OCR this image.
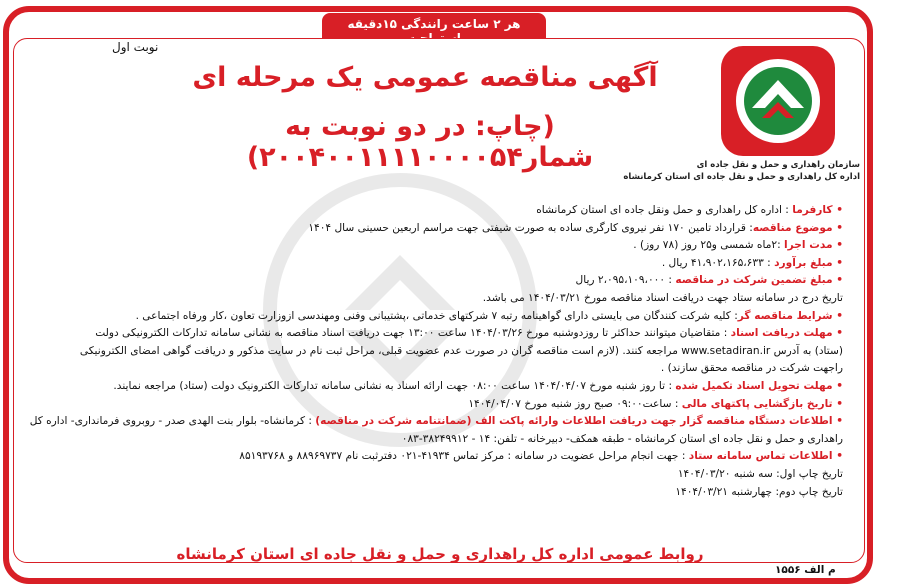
هر ۲ ساعت رانندگی ۱۵دقیقه استراحت
نوبت اول
آگهی مناقصه عمومی یک مرحله ای
(چاپ: در دو نوبت به شمار۲۰۰۴۰۰۱۱۱۱۰۰۰۰۵۴)	سازمان راهداری و حمل و نقل جاده ای
اداره کل راهداری و حمل و نقل جاده ای استان کرمانشاه
• کارفرما : اداره کل راهداری و حمل ونقل جاده ای استان کرمانشاه
• موضوع مناقصه: قرارداد تامین ۱۷۰ نفر نیروی کارگری ساده به صورت شیفتی جهت مراسم اربعین حسینی سال ۱۴۰۴
• مدت اجرا :۲ماه شمسی و۲۵ روز (۷۸ روز) .
• مبلغ برآورد : ۴۱،۹۰۲،۱۶۵،۶۳۳ ریال .
• مبلغ تضمین شرکت در مناقصه : ۲،۰۹۵،۱۰۹،۰۰۰ ریال
تاریخ درج در سامانه ستاد جهت دریافت اسناد مناقصه مورخ ۱۴۰۴/۰۳/۲۱ می باشد.
• شرایط مناقصه گر: کلیه شرکت کنندگان می بایستی دارای گواهینامه رتبه ۷ شرکتهای خدماتی ،پشتیبانی وفنی ومهندسی ازوزارت تعاون ،کار ورفاه اجتماعی .
• مهلت دریافت اسناد : متقاضیان میتوانند حداکثر تا روزدوشنبه مورخ ۱۴۰۴/۰۳/۲۶ ساعت ۱۳:۰۰ جهت دریافت اسناد مناقصه به نشانی سامانه تدارکات الکترونیکی دولت
(ستاد) به آدرس www.setadiran.ir مراجعه کنند. (لازم است مناقصه گران در صورت عدم عضویت قبلی، مراحل ثبت نام در سایت مذکور و دریافت گواهی امضای الکترونیکی
راجهت شرکت در مناقصه محقق سازند) .
• مهلت تحویل اسناد تکمیل شده : تا روز شنبه مورخ ۱۴۰۴/۰۴/۰۷ ساعت ۰۸:۰۰ جهت ارائه اسناد به نشانی سامانه تدارکات الکترونیک دولت (ستاد) مراجعه نمایند.
• تاریخ بازگشایی پاکتهای مالی : ساعت۰۹:۰۰ صبح روز شنبه مورخ ۱۴۰۴/۰۴/۰۷
• اطلاعات دستگاه مناقصه گزار جهت دریافت اطلاعات وارائه پاکت الف (ضمانتنامه شرکت در مناقصه) : کرمانشاه- بلوار بنت الهدی صدر - روبروی فرمانداری- اداره کل
راهداری و حمل و نقل جاده ای استان کرمانشاه - طبقه همکف- دبیرخانه - تلفن: ۱۴ - ۳۸۲۴۹۹۱۲-۰۸۳
• اطلاعات تماس سامانه ستاد : جهت انجام مراحل عضویت در سامانه : مرکز تماس ۴۱۹۳۴-۰۲۱ دفترثبت نام ۸۸۹۶۹۷۳۷ و ۸۵۱۹۳۷۶۸
تاریخ چاپ اول: سه شنبه ۱۴۰۴/۰۳/۲۰
تاریخ چاپ دوم: چهارشنبه ۱۴۰۴/۰۳/۲۱
روابط عمومی اداره کل راهداری و حمل و نقل جاده ای استان کرمانشاه
م الف ۱۵۵۶
